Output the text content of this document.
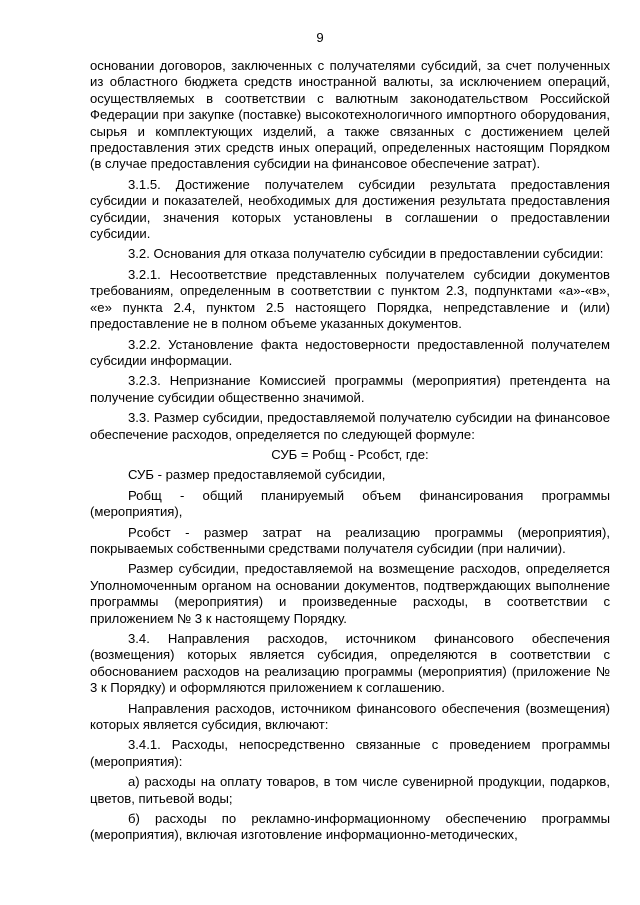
9

основании договоров, заключенных с получателями субсидий, за счет полученных из областного бюджета средств иностранной валюты, за исключением операций, осуществляемых в соответствии с валютным законодательством Российской Федерации при закупке (поставке) высокотехнологичного импортного оборудования, сырья и комплектующих изделий, а также связанных с достижением целей предоставления этих средств иных операций, определенных настоящим Порядком (в случае предоставления субсидии на финансовое обеспечение затрат).

3.1.5. Достижение получателем субсидии результата предоставления субсидии и показателей, необходимых для достижения результата предоставления субсидии, значения которых установлены в соглашении о предоставлении субсидии.

3.2. Основания для отказа получателю субсидии в предоставлении субсидии:

3.2.1. Несоответствие представленных получателем субсидии документов требованиям, определенным в соответствии с пунктом 2.3, подпунктами «а»-«в», «е» пункта 2.4, пунктом 2.5 настоящего Порядка, непредставление и (или) предоставление не в полном объеме указанных документов.

3.2.2. Установление факта недостоверности предоставленной получателем субсидии информации.

3.2.3. Непризнание Комиссией программы (мероприятия) претендента на получение субсидии общественно значимой.

3.3. Размер субсидии, предоставляемой получателю субсидии на финансовое обеспечение расходов, определяется по следующей формуле:

СУБ = Робщ - Рсобст, где:

СУБ - размер предоставляемой субсидии,

Робщ - общий планируемый объем финансирования программы (мероприятия),

Рсобст - размер затрат на реализацию программы (мероприятия), покрываемых собственными средствами получателя субсидии (при наличии).

Размер субсидии, предоставляемой на возмещение расходов, определяется Уполномоченным органом на основании документов, подтверждающих выполнение программы (мероприятия) и произведенные расходы, в соответствии с приложением № 3 к настоящему Порядку.

3.4. Направления расходов, источником финансового обеспечения (возмещения) которых является субсидия, определяются в соответствии с обоснованием расходов на реализацию программы (мероприятия) (приложение № 3 к Порядку) и оформляются приложением к соглашению.

Направления расходов, источником финансового обеспечения (возмещения) которых является субсидия, включают:

3.4.1. Расходы, непосредственно связанные с проведением программы (мероприятия):

а) расходы на оплату товаров, в том числе сувенирной продукции, подарков, цветов, питьевой воды;

б) расходы по рекламно-информационному обеспечению программы (мероприятия), включая изготовление информационно-методических,
